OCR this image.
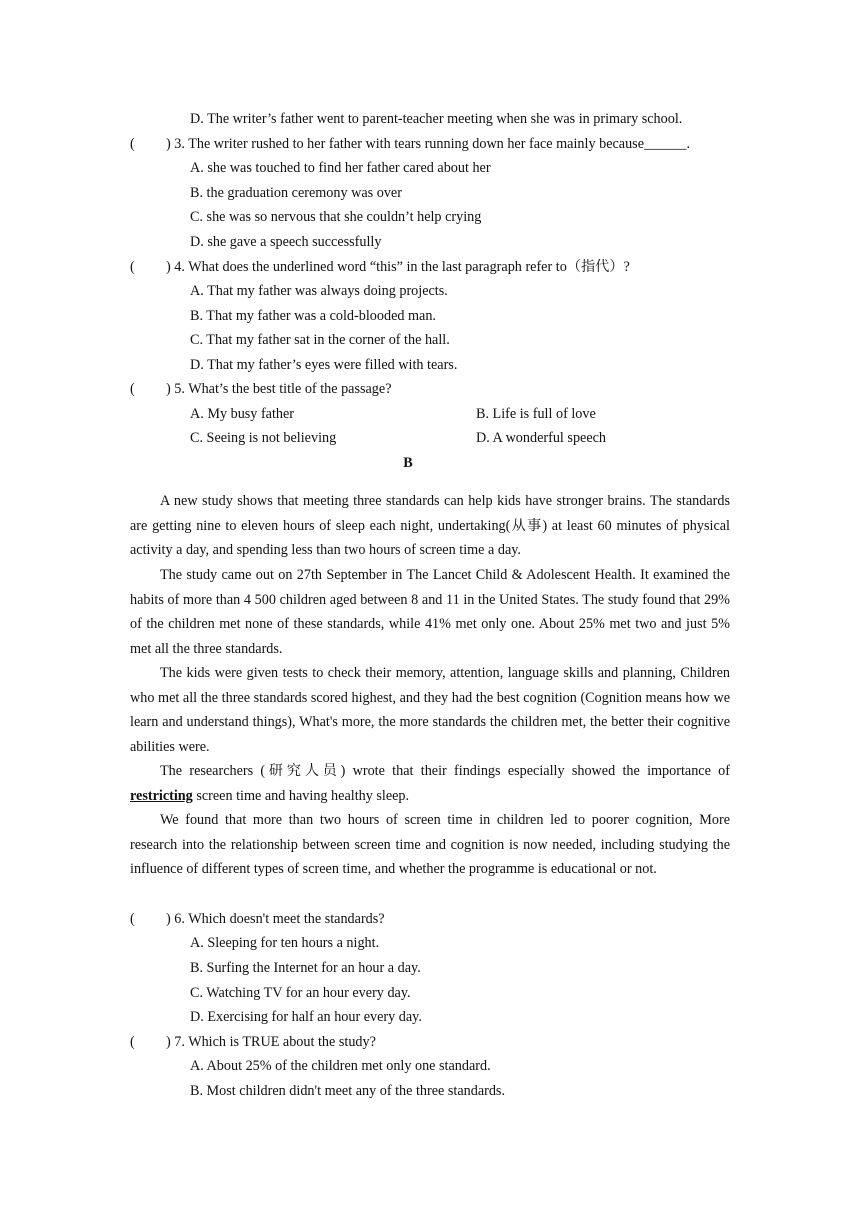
D. The writer’s father went to parent-teacher meeting when she was in primary school.
( ) 3. The writer rushed to her father with tears running down her face mainly because______.
A. she was touched to find her father cared about her
B. the graduation ceremony was over
C. she was so nervous that she couldn’t help crying
D. she gave a speech successfully
( ) 4. What does the underlined word “this” in the last paragraph refer to（指代）?
A. That my father was always doing projects.
B. That my father was a cold-blooded man.
C. That my father sat in the corner of the hall.
D. That my father’s eyes were filled with tears.
( ) 5. What’s the best title of the passage?
A. My busy father	B. Life is full of love
C. Seeing is not believing	D. A wonderful speech
B
A new study shows that meeting three standards can help kids have stronger brains. The standards are getting nine to eleven hours of sleep each night, undertaking(从事) at least 60 minutes of physical activity a day, and spending less than two hours of screen time a day.
The study came out on 27th September in The Lancet Child & Adolescent Health. It examined the habits of more than 4 500 children aged between 8 and 11 in the United States. The study found that 29% of the children met none of these standards, while 41% met only one. About 25% met two and just 5% met all the three standards.
The kids were given tests to check their memory, attention, language skills and planning, Children who met all the three standards scored highest, and they had the best cognition (Cognition means how we learn and understand things), What's more, the more standards the children met, the better their cognitive abilities were.
The researchers (研究人员) wrote that their findings especially showed the importance of restricting screen time and having healthy sleep.
We found that more than two hours of screen time in children led to poorer cognition, More research into the relationship between screen time and cognition is now needed, including studying the influence of different types of screen time, and whether the programme is educational or not.
( ) 6. Which doesn't meet the standards?
A. Sleeping for ten hours a night.
B. Surfing the Internet for an hour a day.
C. Watching TV for an hour every day.
D. Exercising for half an hour every day.
( ) 7. Which is TRUE about the study?
A. About 25% of the children met only one standard.
B. Most children didn't meet any of the three standards.
